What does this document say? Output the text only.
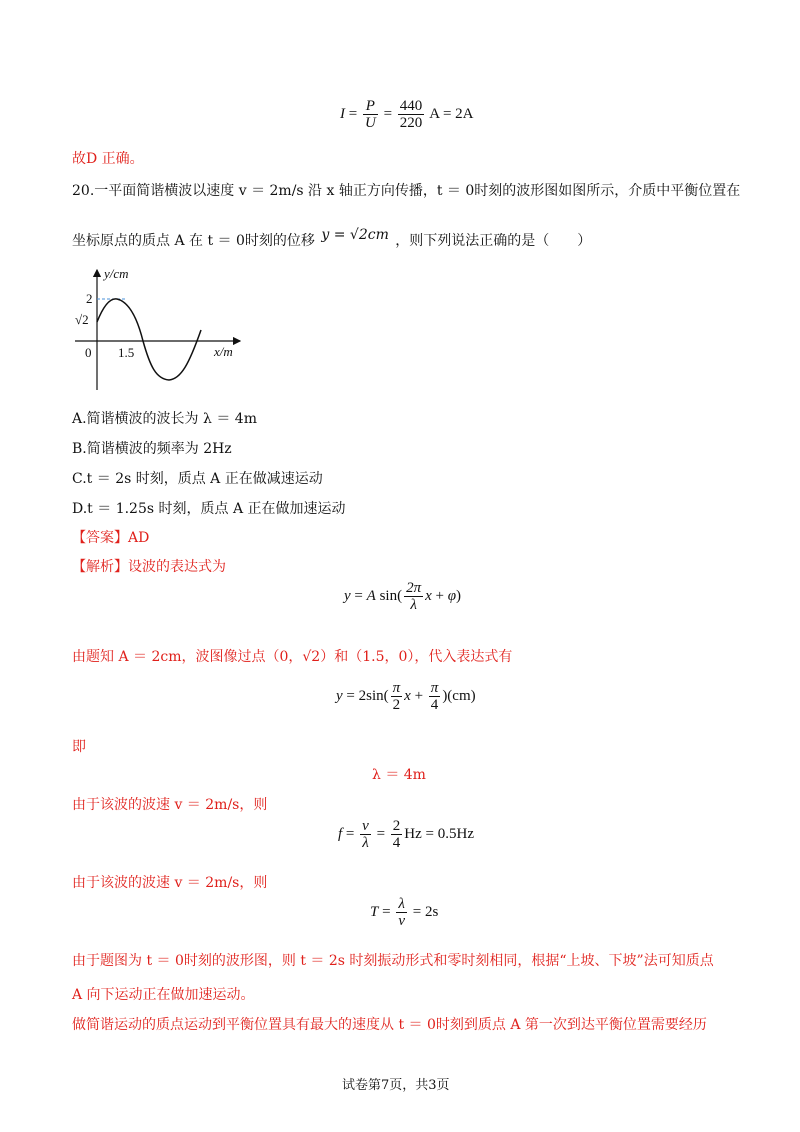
$I = \frac{P}{U} = \frac{440}{220}$ A = 2A
故D 正确。
20.一平面简谐横波以速度 v ＝ 2m/s 沿 x 轴正方向传播，t ＝ 0时刻的波形图如图所示，介质中平衡位置在
坐标原点的质点 A 在 t ＝ 0时刻的位移 y = √2cm ，则下列说法正确的是（　　）
y/cm
x/m
0
2
√2
1.5
A.简谐横波的波长为 λ ＝ 4m
B.简谐横波的频率为 2Hz
C.t ＝ 2s 时刻，质点 A 正在做减速运动
D.t ＝ 1.25s 时刻，质点 A 正在做加速运动
【答案】AD
【解析】设波的表达式为
y = A $\sin( \frac{2\pi}{\lambda}$ x + φ)
由题知 A ＝ 2cm，波图像过点（0，√2）和（1.5，0），代入表达式有
$y = 2\sin( \frac{\pi}{2}$ $x + \frac{\pi}{4} )(cm)$
即
λ ＝ 4m
由于该波的波速 v ＝ 2m/s，则
$f = \frac{v}{\lambda} = \frac{2}{4}$ Hz = 0.5Hz
由于该波的波速 v ＝ 2m/s，则
$T = \frac{\lambda}{v} = 2s$
由于题图为 t ＝ 0时刻的波形图，则 t ＝ 2s 时刻振动形式和零时刻相同，根据“上坡、下坡”法可知质点
A 向下运动正在做加速运动。
做简谐运动的质点运动到平衡位置具有最大的速度从 t ＝ 0时刻到质点 A 第一次到达平衡位置需要经历
试卷第7页，共3页
